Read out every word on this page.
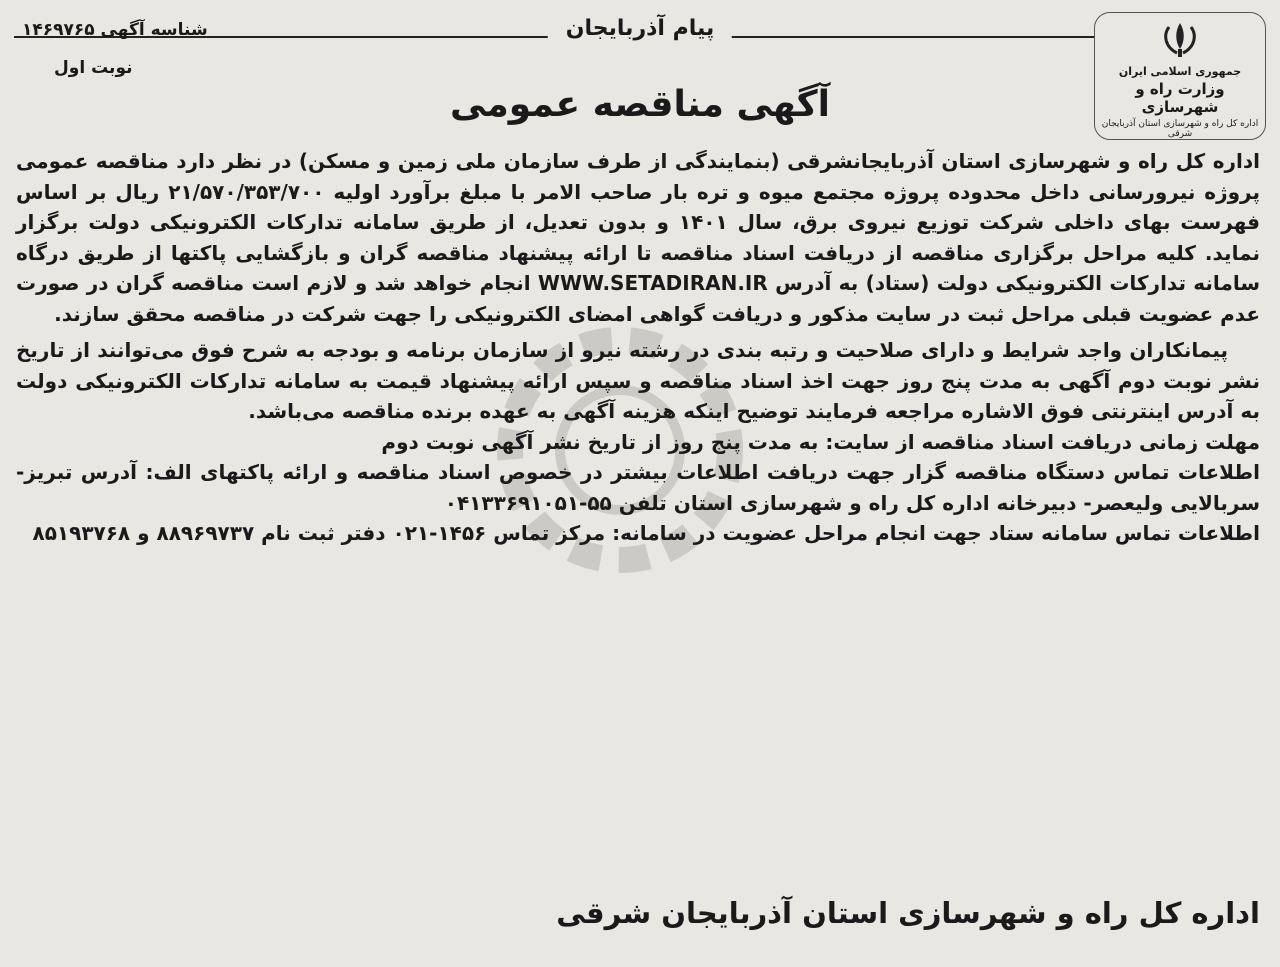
پیام آذربایجان
شناسه آگهی ۱۴۶۹۷۶۵
نوبت اول	جمهوری اسلامی ایران
وزارت راه و شهرسازی
اداره کل راه و شهرسازی استان آذربایجان شرقی
آگهی مناقصه عمومی

اداره کل راه و شهرسازی استان آذربایجانشرقی (بنمایندگی از طرف سازمان ملی زمین و مسکن) در نظر دارد مناقصه عمومی پروژه نیرورسانی داخل محدوده پروژه مجتمع میوه و تره بار صاحب الامر با مبلغ برآورد اولیه ۲۱/۵۷۰/۳۵۳/۷۰۰ ریال بر اساس فهرست بهای داخلی شرکت توزیع نیروی برق، سال ۱۴۰۱ و بدون تعدیل، از طریق سامانه تدارکات الکترونیکی دولت برگزار نماید. کلیه مراحل برگزاری مناقصه از دریافت اسناد مناقصه تا ارائه پیشنهاد مناقصه گران و بازگشایی پاکتها از طریق درگاه سامانه تدارکات الکترونیکی دولت (ستاد) به آدرس WWW.SETADIRAN.IR انجام خواهد شد و لازم است مناقصه گران در صورت عدم عضویت قبلی مراحل ثبت در سایت مذکور و دریافت گواهی امضای الکترونیکی را جهت شرکت در مناقصه محقق سازند.

پیمانکاران واجد شرایط و دارای صلاحیت و رتبه بندی در رشته نیرو از سازمان برنامه و بودجه به شرح فوق می‌توانند از تاریخ نشر نوبت دوم آگهی به مدت پنج روز جهت اخذ اسناد مناقصه و سپس ارائه پیشنهاد قیمت به سامانه تدارکات الکترونیکی دولت به آدرس اینترنتی فوق الاشاره مراجعه فرمایند توضیح اینکه هزینه آگهی به عهده برنده مناقصه می‌باشد.

مهلت زمانی دریافت اسناد مناقصه از سایت: به مدت پنج روز از تاریخ نشر آگهی نوبت دوم

اطلاعات تماس دستگاه مناقصه گزار جهت دریافت اطلاعات بیشتر در خصوص اسناد مناقصه و ارائه پاکتهای الف: آدرس تبریز-سربالایی ولیعصر- دبیرخانه اداره کل راه و شهرسازی استان تلفن ۵۵-۰۴۱۳۳۶۹۱۰۵۱

اطلاعات تماس سامانه ستاد جهت انجام مراحل عضویت در سامانه: مرکز تماس ۱۴۵۶-۰۲۱ دفتر ثبت نام ۸۸۹۶۹۷۳۷ و ۸۵۱۹۳۷۶۸

اداره کل راه و شهرسازی استان آذربایجان شرقی
